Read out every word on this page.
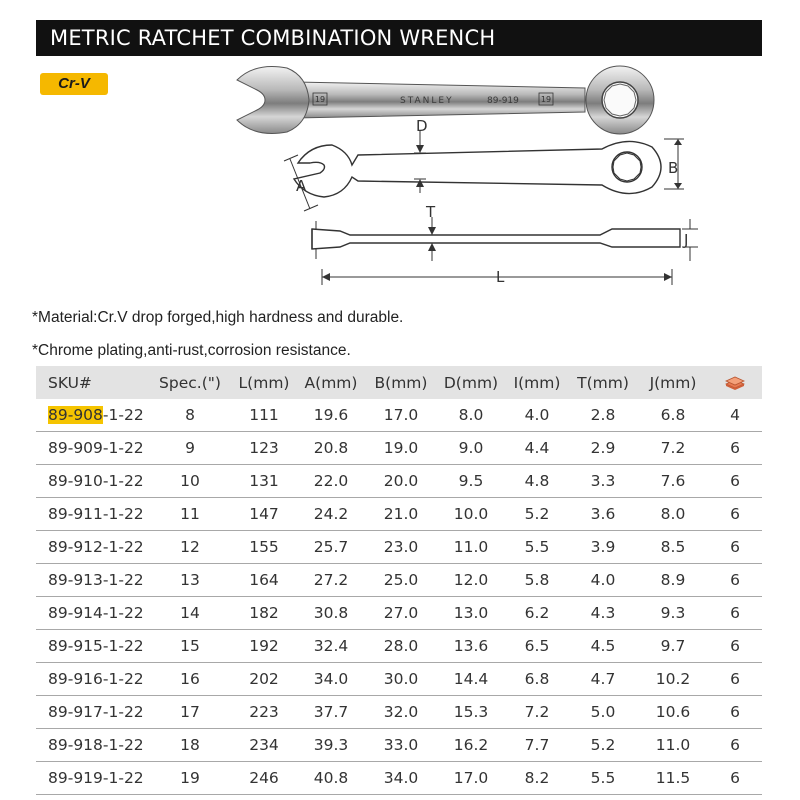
METRIC RATCHET COMBINATION WRENCH
Cr-V
19	STANLEY	89-919	19
D
A
B
T
J
L
*Material:Cr.V drop forged,high hardness and durable.
*Chrome plating,anti-rust,corrosion resistance.
SKU#	Spec.(")	L(mm)	A(mm)	B(mm)	D(mm)	I(mm)	T(mm)	J(mm)	
89-908-1-22	8	111	19.6	17.0	8.0	4.0	2.8	6.8	4
89-909-1-22	9	123	20.8	19.0	9.0	4.4	2.9	7.2	6
89-910-1-22	10	131	22.0	20.0	9.5	4.8	3.3	7.6	6
89-911-1-22	11	147	24.2	21.0	10.0	5.2	3.6	8.0	6
89-912-1-22	12	155	25.7	23.0	11.0	5.5	3.9	8.5	6
89-913-1-22	13	164	27.2	25.0	12.0	5.8	4.0	8.9	6
89-914-1-22	14	182	30.8	27.0	13.0	6.2	4.3	9.3	6
89-915-1-22	15	192	32.4	28.0	13.6	6.5	4.5	9.7	6
89-916-1-22	16	202	34.0	30.0	14.4	6.8	4.7	10.2	6
89-917-1-22	17	223	37.7	32.0	15.3	7.2	5.0	10.6	6
89-918-1-22	18	234	39.3	33.0	16.2	7.7	5.2	11.0	6
89-919-1-22	19	246	40.8	34.0	17.0	8.2	5.5	11.5	6
